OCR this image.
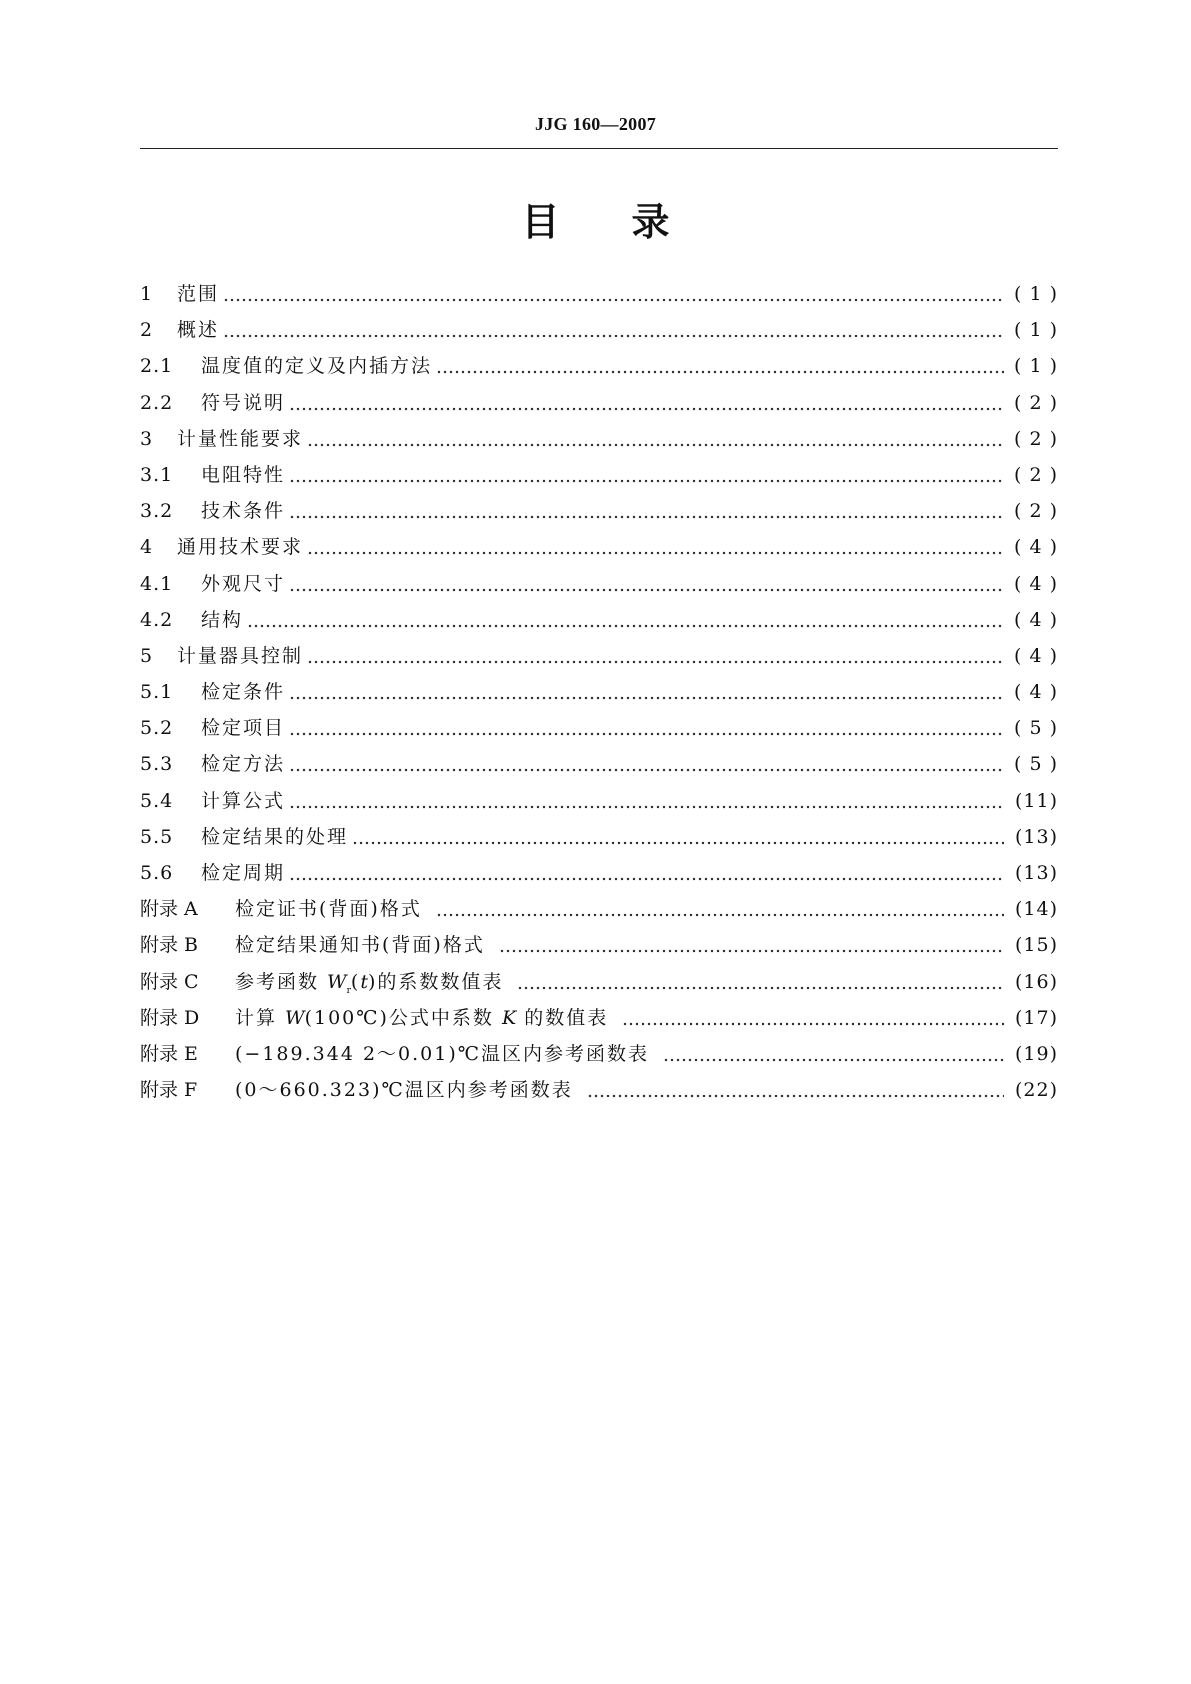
JJG 160—2007
目 录
1	范围	( 1 )
2	概述	( 1 )
2.1	温度值的定义及内插方法	( 1 )
2.2	符号说明	( 2 )
3	计量性能要求	( 2 )
3.1	电阻特性	( 2 )
3.2	技术条件	( 2 )
4	通用技术要求	( 4 )
4.1	外观尺寸	( 4 )
4.2	结构	( 4 )
5	计量器具控制	( 4 )
5.1	检定条件	( 4 )
5.2	检定项目	( 5 )
5.3	检定方法	( 5 )
5.4	计算公式	(11)
5.5	检定结果的处理	(13)
5.6	检定周期	(13)
附录 A	检定证书(背面)格式	(14)
附录 B	检定结果通知书(背面)格式	(15)
附录 C	参考函数 $W_r(t)$的系数数值表	(16)
附录 D	计算 W(100℃)公式中系数 K 的数值表	(17)
附录 E	(−189.344 2～0.01)℃温区内参考函数表	(19)
附录 F	(0～660.323)℃温区内参考函数表	(22)
